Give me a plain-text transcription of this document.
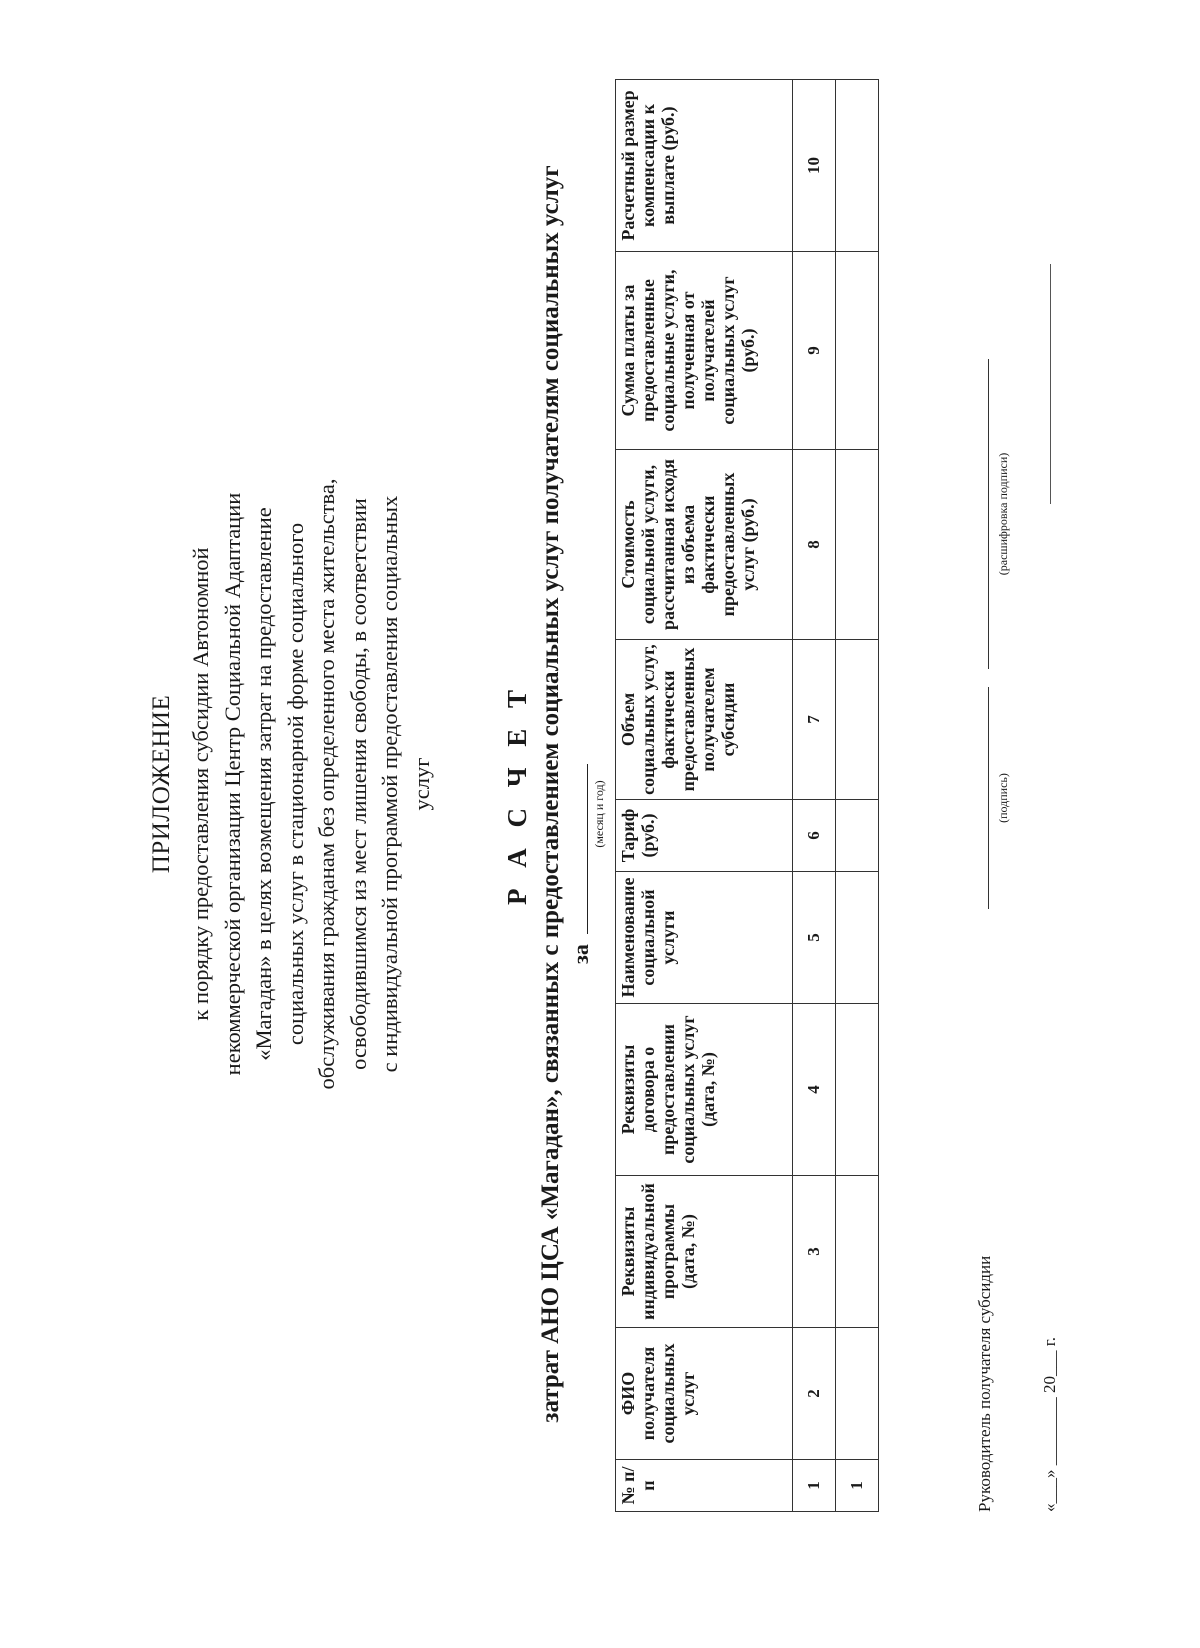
ПРИЛОЖЕНИЕ к порядку предоставления субсидии Автономной некоммерческой организации Центр Социальной Адаптации «Магадан» в целях возмещения затрат на предоставление социальных услуг в стационарной форме социального обслуживания гражданам без определенного места жительства, освободившимся из мест лишения свободы, в соответствии с индивидуальной программой предоставления социальных услуг	Р А С Ч Е Т затрат АНО ЦСА «Магадан», связанных с предоставлением социальных услуг получателям социальных услуг за
(месяц и год)
№ п/п	ФИО получателя социальных услуг	Реквизиты индивидуальной программы (дата, №)	Реквизиты договора о предоставлении социальных услуг (дата, №)	Наименование социальной услуги	Тариф (руб.)	Объем социальных услуг, фактически предоставленных получателем субсидии	Стоимость социальной услуги, рассчитанная исходя из объема фактически предоставленных услуг (руб.)	Сумма платы за предоставленные социальные услуги, полученная от получателей социальных услуг (руб.)	Расчетный размер компенсации к выплате (руб.)
1	2	3	4	5	6	7	8	9	10
1										Руководитель получателя субсидии
(подпись)
(расшифровка подписи)
«___» ________ 20___ г.
